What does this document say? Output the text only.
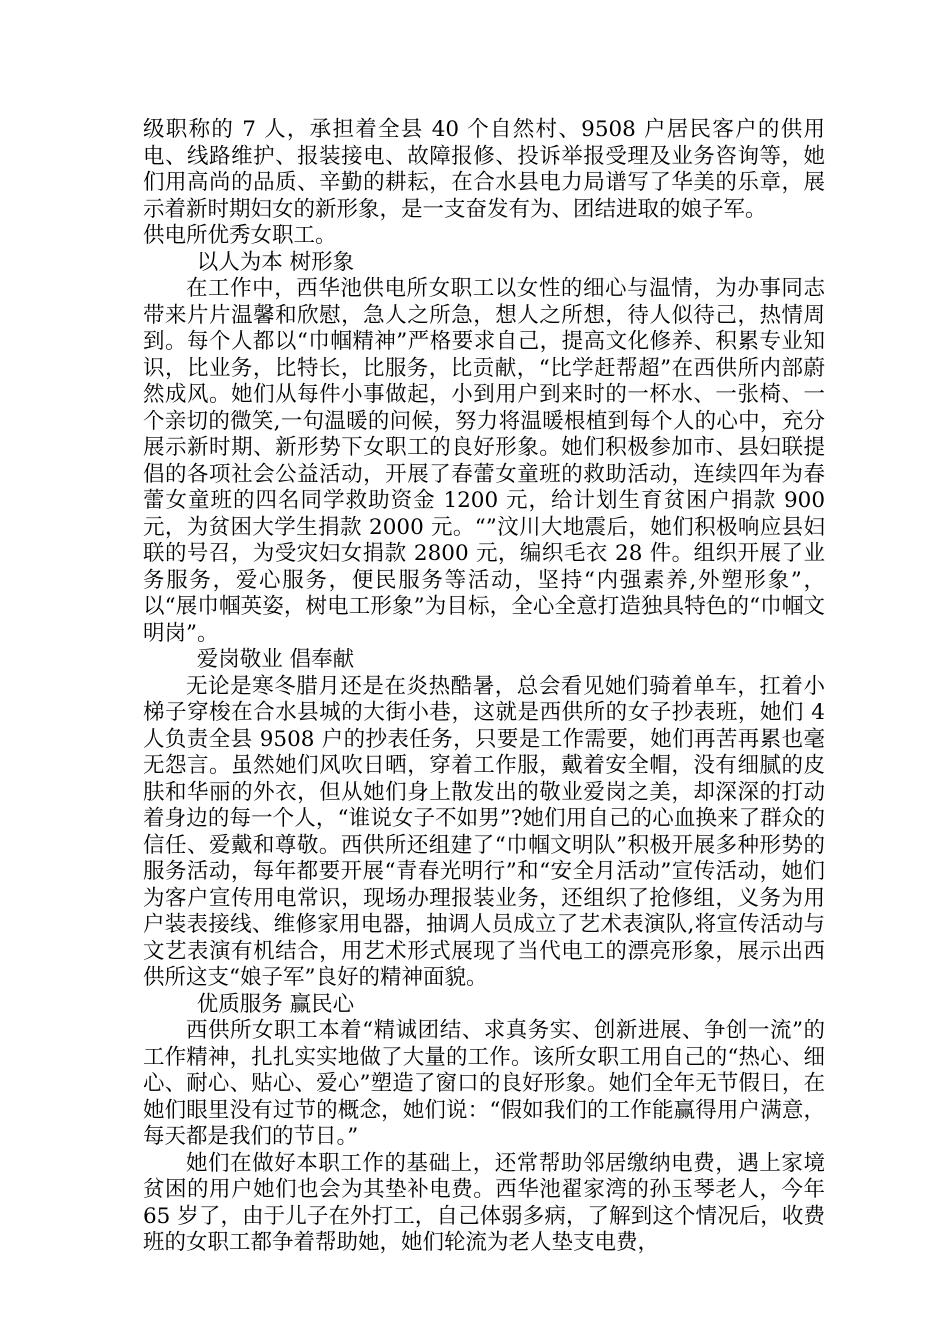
级职称的 7 人，承担着全县 40 个自然村、9508 户居民客户的供用电、线路维护、报装接电、故障报修、投诉举报受理及业务咨询等，她们用高尚的品质、辛勤的耕耘，在合水县电力局谱写了华美的乐章，展示着新时期妇女的新形象，是一支奋发有为、团结进取的娘子军。

供电所优秀女职工。

以人为本 树形象

在工作中，西华池供电所女职工以女性的细心与温情，为办事同志带来片片温馨和欣慰，急人之所急，想人之所想，待人似待己，热情周到。每个人都以“巾帼精神”严格要求自己，提高文化修养、积累专业知识，比业务，比特长，比服务，比贡献，“比学赶帮超”在西供所内部蔚然成风。她们从每件小事做起，小到用户到来时的一杯水、一张椅、一个亲切的微笑,一句温暖的问候，努力将温暖根植到每个人的心中，充分展示新时期、新形势下女职工的良好形象。她们积极参加市、县妇联提倡的各项社会公益活动，开展了春蕾女童班的救助活动，连续四年为春蕾女童班的四名同学救助资金 1200 元，给计划生育贫困户捐款 900 元，为贫困大学生捐款 2000 元。“”汶川大地震后，她们积极响应县妇联的号召，为受灾妇女捐款 2800 元，编织毛衣 28 件。组织开展了业务服务，爱心服务，便民服务等活动，坚持“内强素养,外塑形象”，以“展巾帼英姿，树电工形象”为目标，全心全意打造独具特色的“巾帼文明岗”。

爱岗敬业 倡奉献

无论是寒冬腊月还是在炎热酷暑，总会看见她们骑着单车，扛着小梯子穿梭在合水县城的大街小巷，这就是西供所的女子抄表班，她们 4 人负责全县 9508 户的抄表任务，只要是工作需要，她们再苦再累也毫无怨言。虽然她们风吹日晒，穿着工作服，戴着安全帽，没有细腻的皮肤和华丽的外衣，但从她们身上散发出的敬业爱岗之美，却深深的打动着身边的每一个人，“谁说女子不如男”?她们用自己的心血换来了群众的信任、爱戴和尊敬。西供所还组建了“巾帼文明队”积极开展多种形势的服务活动，每年都要开展“青春光明行”和“安全月活动”宣传活动，她们为客户宣传用电常识，现场办理报装业务，还组织了抢修组，义务为用户装表接线、维修家用电器，抽调人员成立了艺术表演队,将宣传活动与文艺表演有机结合，用艺术形式展现了当代电工的漂亮形象，展示出西供所这支“娘子军”良好的精神面貌。

优质服务 赢民心

西供所女职工本着“精诚团结、求真务实、创新进展、争创一流”的工作精神，扎扎实实地做了大量的工作。该所女职工用自己的“热心、细心、耐心、贴心、爱心”塑造了窗口的良好形象。她们全年无节假日，在她们眼里没有过节的概念，她们说：“假如我们的工作能赢得用户满意，每天都是我们的节日。”

她们在做好本职工作的基础上，还常帮助邻居缴纳电费，遇上家境贫困的用户她们也会为其垫补电费。西华池翟家湾的孙玉琴老人，今年 65 岁了，由于儿子在外打工，自己体弱多病，了解到这个情况后，收费班的女职工都争着帮助她，她们轮流为老人垫支电费，
